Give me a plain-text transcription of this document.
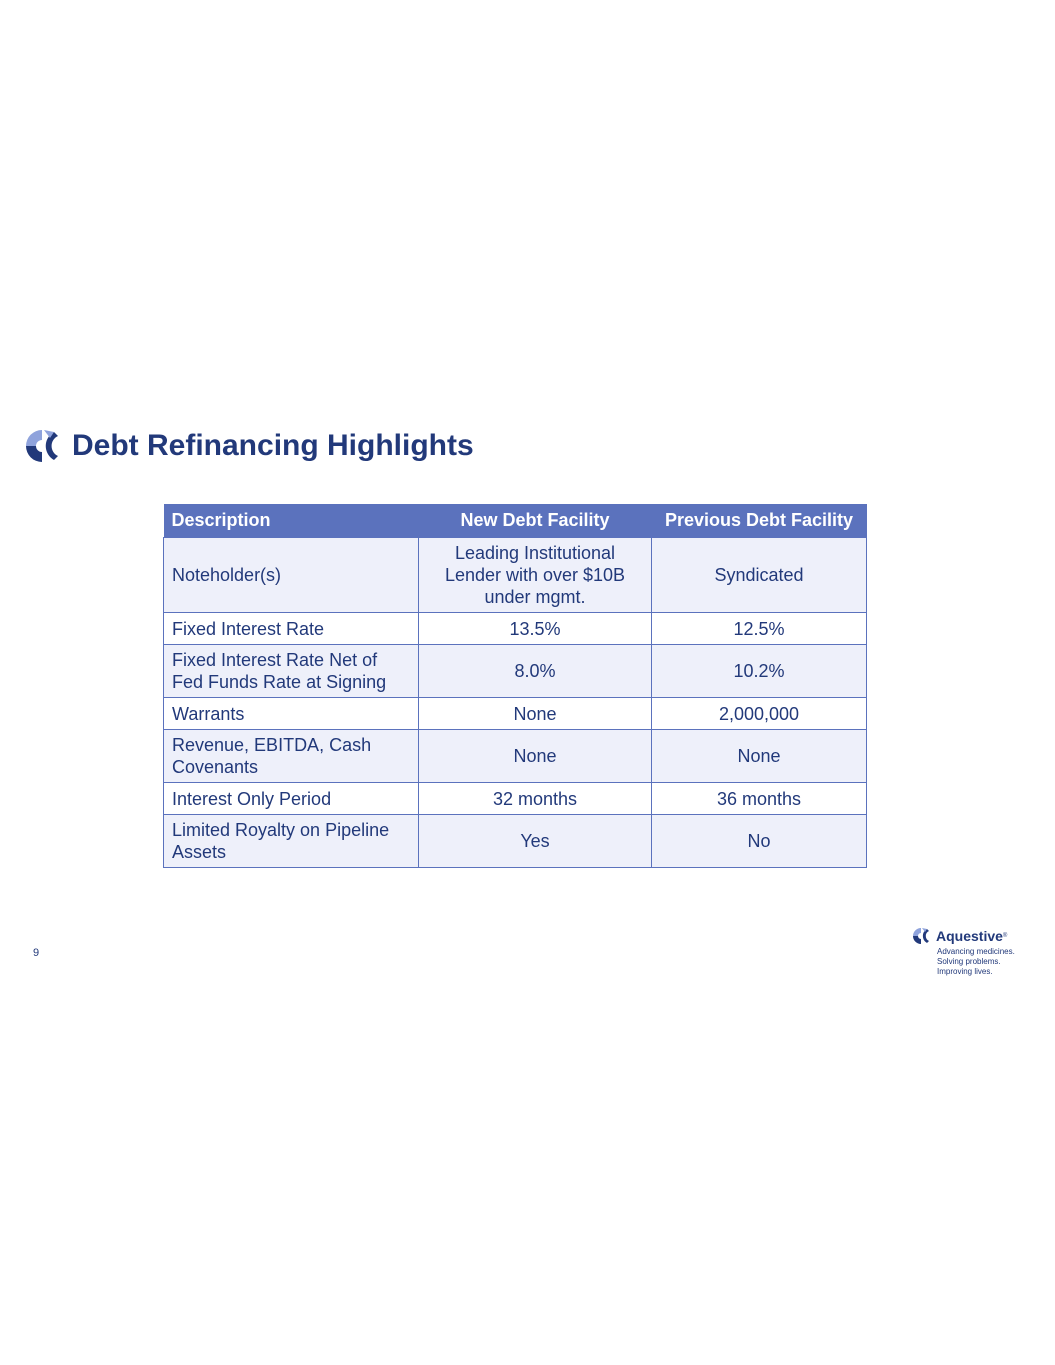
Debt Refinancing Highlights
Description	New Debt Facility	Previous Debt Facility
Noteholder(s)	Leading Institutional Lender with over $10B under mgmt.	Syndicated
Fixed Interest Rate	13.5%	12.5%
Fixed Interest Rate Net of Fed Funds Rate at Signing	8.0%	10.2%
Warrants	None	2,000,000
Revenue, EBITDA, Cash Covenants	None	None
Interest Only Period	32 months	36 months
Limited Royalty on Pipeline Assets	Yes	No
9
Aquestive ®
Advancing medicines.
Solving problems.
Improving lives.
